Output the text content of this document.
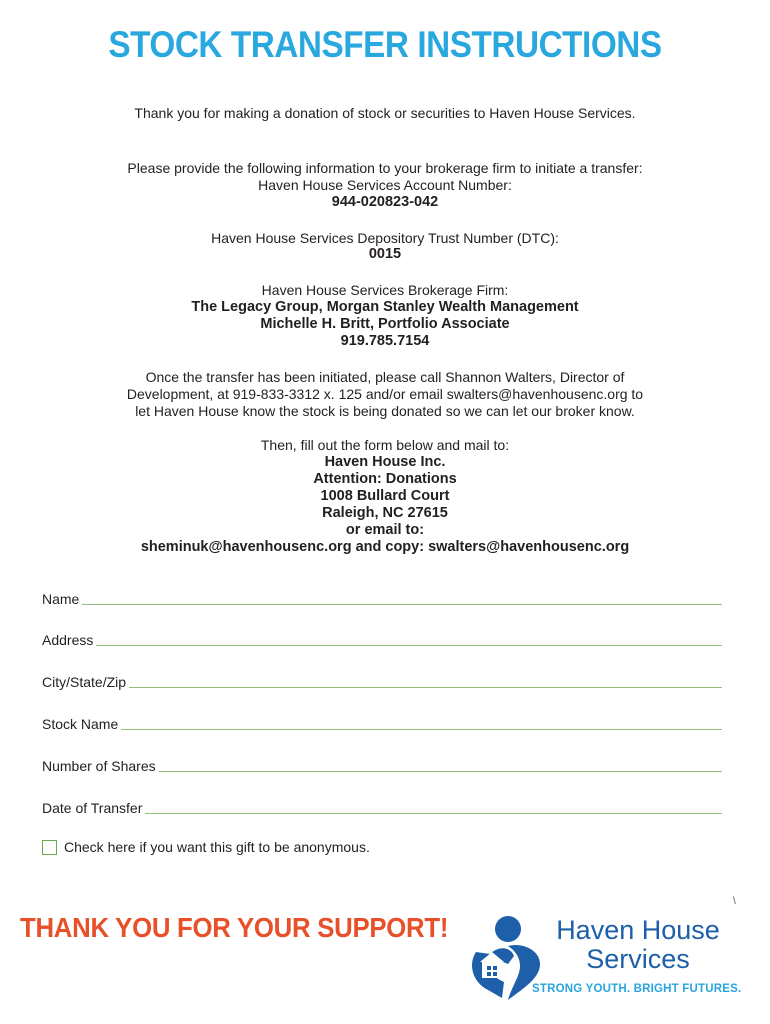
STOCK TRANSFER INSTRUCTIONS
Thank you for making a donation of stock or securities to Haven House Services.
Please provide the following information to your brokerage firm to initiate a transfer:
Haven House Services Account Number:
944-020823-042
Haven House Services Depository Trust Number (DTC):
0015
Haven House Services Brokerage Firm:
The Legacy Group, Morgan Stanley Wealth Management
Michelle H. Britt, Portfolio Associate
919.785.7154
Once the transfer has been initiated, please call Shannon Walters, Director of
Development, at 919-833-3312 x. 125 and/or email swalters@havenhousenc.org to
let Haven House know the stock is being donated so we can let our broker know.
Then, fill out the form below and mail to:
Haven House Inc.
Attention: Donations
1008 Bullard Court
Raleigh, NC 27615
or email to:
sheminuk@havenhousenc.org and copy: swalters@havenhousenc.org
Name
Address
City/State/Zip
Stock Name
Number of Shares
Date of Transfer
Check here if you want this gift to be anonymous.
\
THANK YOU FOR YOUR SUPPORT!	Haven House
Services
STRONG YOUTH. BRIGHT FUTURES.
